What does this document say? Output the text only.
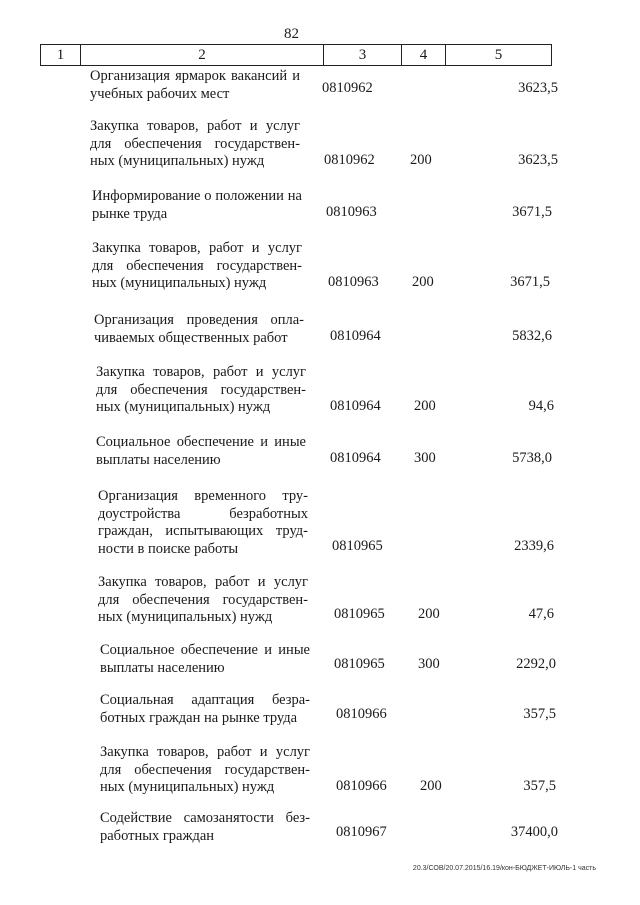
82
1	2	3	4	5
Организация ярмарок вакансий и учебных рабочих мест	0810962	3623,5
Закупка товаров, работ и услуг для обеспечения государствен- ных (муниципальных) нужд	0810962 200	3623,5
Информирование о положении на рынке труда	0810963	3671,5
Закупка товаров, работ и услуг для обеспечения государствен- ных (муниципальных) нужд	0810963 200	3671,5
Организация проведения опла- чиваемых общественных работ	0810964	5832,6
Закупка товаров, работ и услуг для обеспечения государствен- ных (муниципальных) нужд	0810964 200	94,6
Социальное обеспечение и иные выплаты населению	0810964 300	5738,0
Организация временного тру- доустройства безработных граждан, испытывающих труд- ности в поиске работы	0810965	2339,6
Закупка товаров, работ и услуг для обеспечения государствен- ных (муниципальных) нужд	0810965 200	47,6
Социальное обеспечение и иные выплаты населению	0810965 300	2292,0
Социальная адаптация безра- ботных граждан на рынке труда	0810966	357,5
Закупка товаров, работ и услуг для обеспечения государствен- ных (муниципальных) нужд	0810966 200	357,5
Содействие самозанятости без- работных граждан	0810967	37400,0
20.3/СОВ/20.07.2015/16.19/кон-БЮДЖЕТ-ИЮЛЬ-1 часть
